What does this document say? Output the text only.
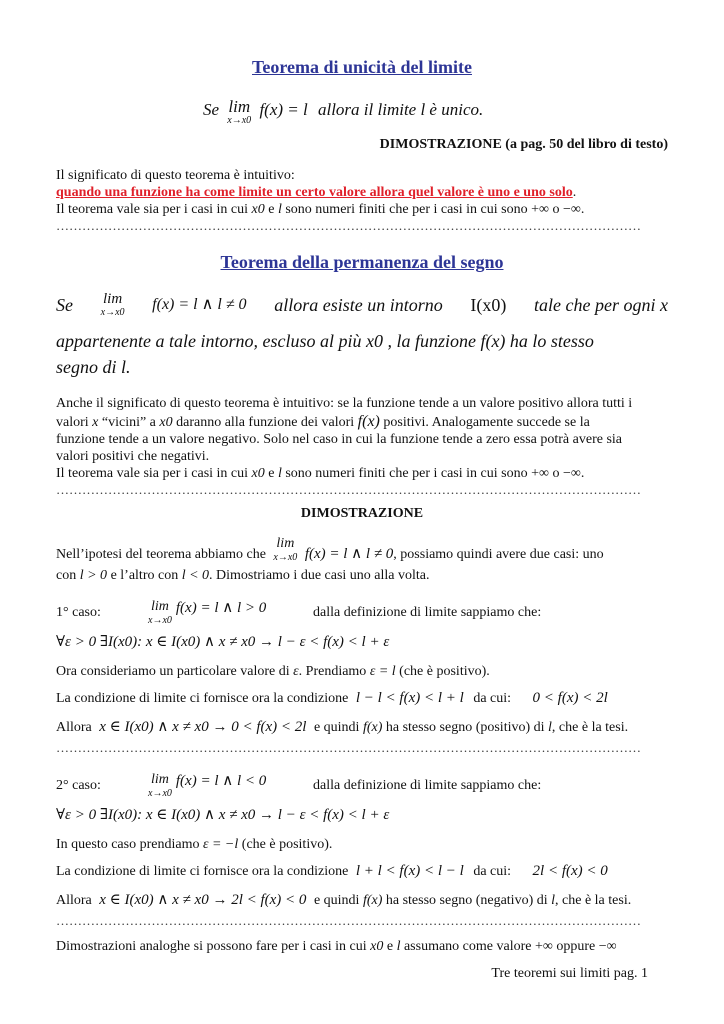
Teorema di unicità del limite
Se lim
x→x0
f(x) = l allora il limite l è unico.
DIMOSTRAZIONE (a pag. 50 del libro di testo)
Il significato di questo teorema è intuitivo:
quando una funzione ha come limite un certo valore allora quel valore è uno e uno solo.
Il teorema vale sia per i casi in cui x0 e l sono numeri finiti che per i casi in cui sono +∞ o −∞.
………………………………………………………………………………………………………………………
Teorema della permanenza del segno
Se lim
x→x0 f(x) = l ∧ l ≠ 0 allora esiste un intorno I(x0) tale che per ogni x
appartenente a tale intorno, escluso al più x0 , la funzione f(x) ha lo stesso
segno di l.
Anche il significato di questo teorema è intuitivo: se la funzione tende a un valore positivo allora tutti i
valori x “vicini” a x0 daranno alla funzione dei valori f(x) positivi. Analogamente succede se la
funzione tende a un valore negativo. Solo nel caso in cui la funzione tende a zero essa potrà avere sia
valori positivi che negativi.
Il teorema vale sia per i casi in cui x0 e l sono numeri finiti che per i casi in cui sono +∞ o −∞.
………………………………………………………………………………………………………………………
DIMOSTRAZIONE
Nell’ipotesi del teorema abbiamo che
lim
x→x0 f(x) = l ∧ l ≠ 0, possiamo quindi avere due casi: uno
con l > 0 e l’altro con l < 0. Dimostriamo i due casi uno alla volta.
1° caso:	lim
x→x0
f(x) = l ∧ l > 0	dalla definizione di limite sappiamo che:
∀ε > 0 ∃I(x0): x ∈ I(x0) ∧ x ≠ x0 → l − ε < f(x) < l + ε
Ora consideriamo un particolare valore di ε. Prendiamo ε = l (che è positivo).
La condizione di limite ci fornisce ora la condizione l − l < f(x) < l + l da cui: 0 < f(x) < 2l
Allora x ∈ I(x0) ∧ x ≠ x0 → 0 < f(x) < 2l e quindi f(x) ha stesso segno (positivo) di l, che è la tesi.
………………………………………………………………………………………………………………………
2° caso:	lim
x→x0
f(x) = l ∧ l < 0	dalla definizione di limite sappiamo che:
∀ε > 0 ∃I(x0): x ∈ I(x0) ∧ x ≠ x0 → l − ε < f(x) < l + ε
In questo caso prendiamo ε = −l (che è positivo).
La condizione di limite ci fornisce ora la condizione l + l < f(x) < l − l da cui: 2l < f(x) < 0
Allora x ∈ I(x0) ∧ x ≠ x0 → 2l < f(x) < 0 e quindi f(x) ha stesso segno (negativo) di l, che è la tesi.
………………………………………………………………………………………………………………………
Dimostrazioni analoghe si possono fare per i casi in cui x0 e l assumano come valore +∞ oppure −∞
Tre teoremi sui limiti pag. 1
